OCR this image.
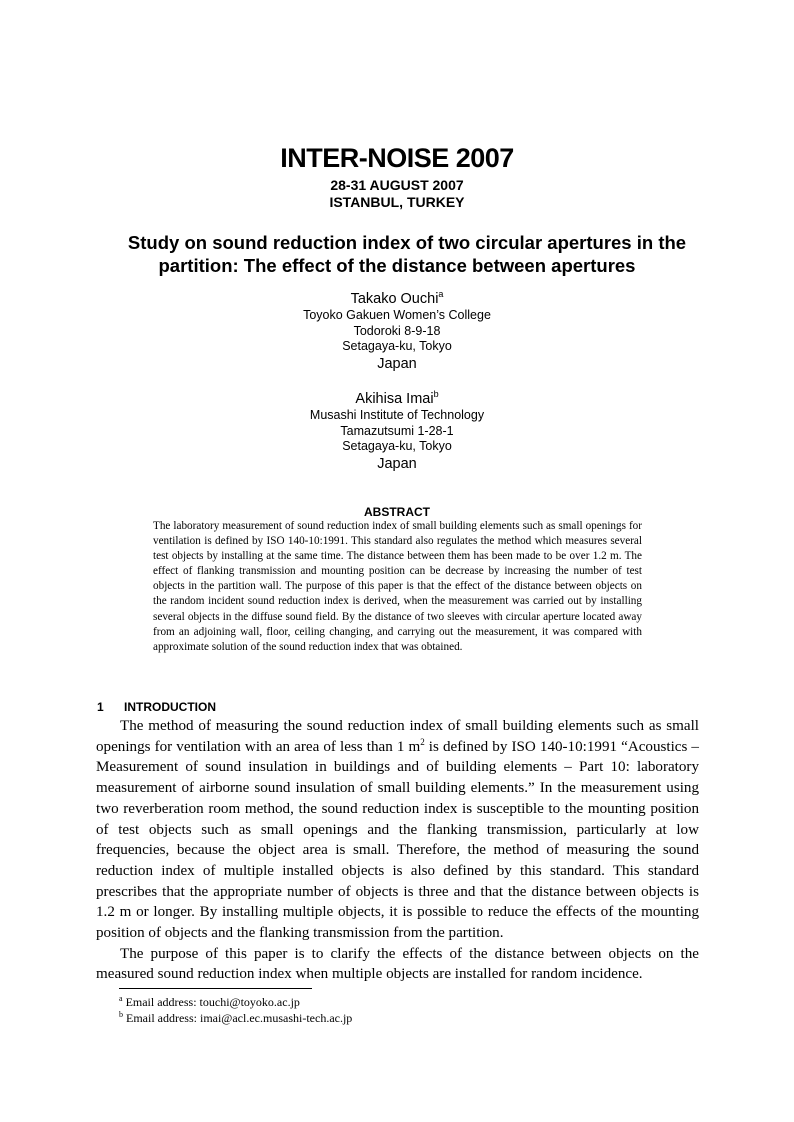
INTER-NOISE 2007
28-31 AUGUST 2007
ISTANBUL, TURKEY
Study on sound reduction index of two circular apertures in the
partition: The effect of the distance between apertures
Takako Ouchi$^a$
Toyoko Gakuen Women’s College
Todoroki 8-9-18
Setagaya-ku, Tokyo
Japan
Akihisa Imai$^b$
Musashi Institute of Technology
Tamazutsumi 1-28-1
Setagaya-ku, Tokyo
Japan
ABSTRACT
The laboratory measurement of sound reduction index of small building elements such as small openings for ventilation is defined by ISO 140-10:1991. This standard also regulates the method which measures several test objects by installing at the same time. The distance between them has been made to be over 1.2 m. The effect of flanking transmission and mounting position can be decrease by increasing the number of test objects in the partition wall. The purpose of this paper is that the effect of the distance between objects on the random incident sound reduction index is derived, when the measurement was carried out by installing several objects in the diffuse sound field. By the distance of two sleeves with circular aperture located away from an adjoining wall, floor, ceiling changing, and carrying out the measurement, it was compared with approximate solution of the sound reduction index that was obtained.
1 INTRODUCTION

The method of measuring the sound reduction index of small building elements such as small openings for ventilation with an area of less than 1 $m^2$ is defined by ISO 140-10:1991 “Acoustics – Measurement of sound insulation in buildings and of building elements – Part 10: laboratory measurement of airborne sound insulation of small building elements.” In the measurement using two reverberation room method, the sound reduction index is susceptible to the mounting position of test objects such as small openings and the flanking transmission, particularly at low frequencies, because the object area is small. Therefore, the method of measuring the sound reduction index of multiple installed objects is also defined by this standard. This standard prescribes that the appropriate number of objects is three and that the distance between objects is 1.2 m or longer. By installing multiple objects, it is possible to reduce the effects of the mounting position of objects and the flanking transmission from the partition.

The purpose of this paper is to clarify the effects of the distance between objects on the measured sound reduction index when multiple objects are installed for random incidence.

$^a$ Email address: touchi@toyoko.ac.jp
$^b$ Email address: imai@acl.ec.musashi-tech.ac.jp
